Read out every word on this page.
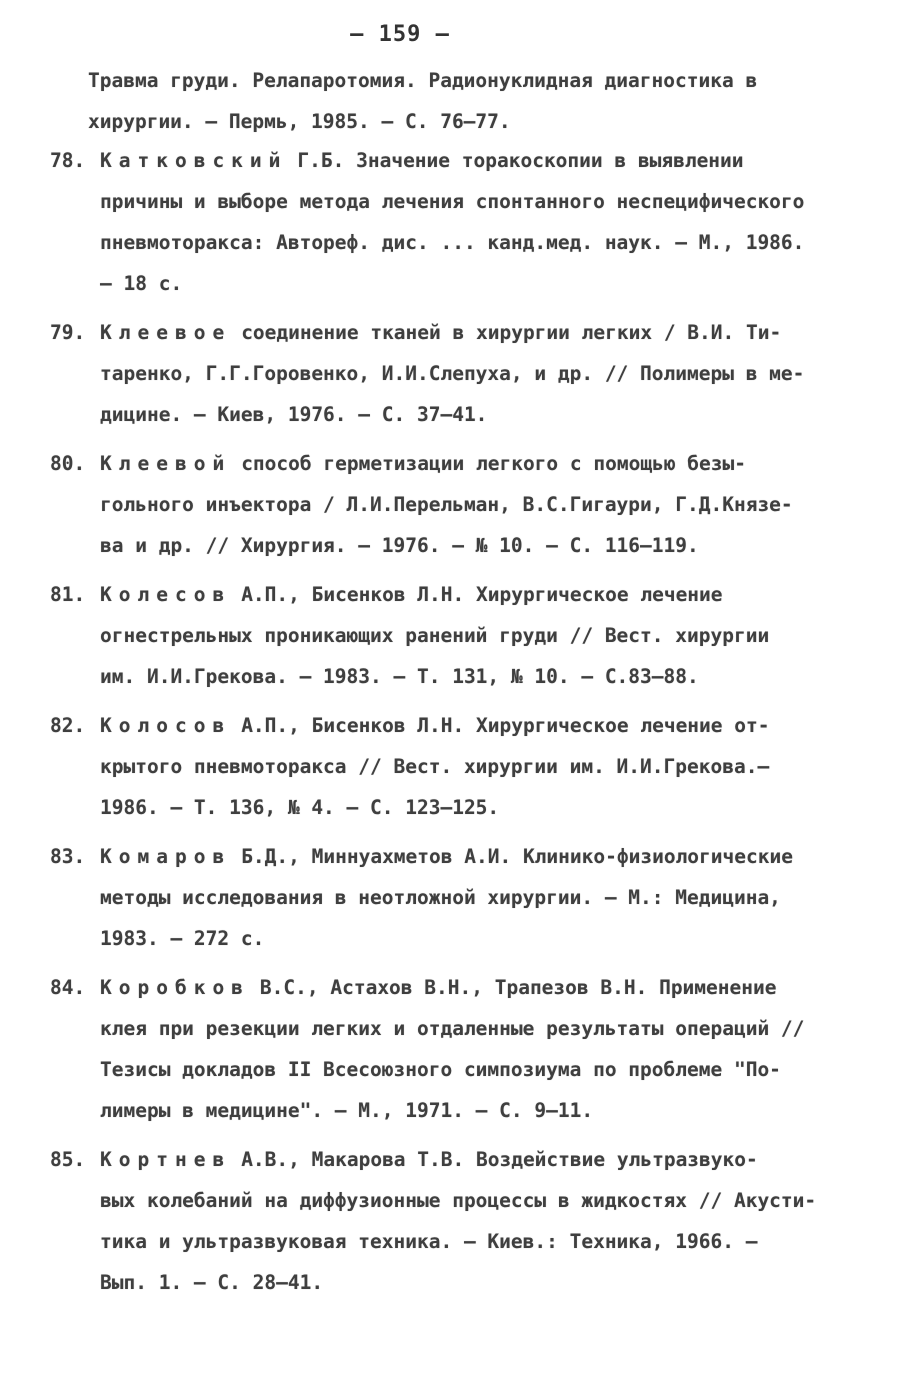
– 159 –
Травма груди. Релапаротомия. Радионуклидная диагностика в
хирургии. – Пермь, 1985. – С. 76–77.
78. Катковский Г.Б. Значение торакоскопии в выявлении
причины и выборе метода лечения спонтанного неспецифического
пневмоторакса: Автореф. дис. ... канд.мед. наук. – М., 1986.
– 18 с.
79. Клеевое соединение тканей в хирургии легких / В.И. Ти-
таренко, Г.Г.Горовенко, И.И.Слепуха, и др. // Полимеры в ме-
дицине. – Киев, 1976. – С. 37–41.
80. Клеевой способ герметизации легкого с помощью безы-
гольного инъектора / Л.И.Перельман, В.С.Гигаури, Г.Д.Князе-
ва и др. // Хирургия. – 1976. – № 10. – С. 116–119.
81. Колесов А.П., Бисенков Л.Н. Хирургическое лечение
огнестрельных проникающих ранений груди // Вест. хирургии
им. И.И.Грекова. – 1983. – Т. 131, № 10. – С.83–88.
82. Колосов А.П., Бисенков Л.Н. Хирургическое лечение от-
крытого пневмоторакса // Вест. хирургии им. И.И.Грекова.–
1986. – Т. 136, № 4. – С. 123–125.
83. Комаров Б.Д., Миннуахметов А.И. Клинико-физиологические
методы исследования в неотложной хирургии. – М.: Медицина,
1983. – 272 с.
84. Коробков В.С., Астахов В.Н., Трапезов В.Н. Применение
клея при резекции легких и отдаленные результаты операций //
Тезисы докладов II Всесоюзного симпозиума по проблеме "По-
лимеры в медицине". – М., 1971. – С. 9–11.
85. Кортнев А.В., Макарова Т.В. Воздействие ультразвуко-
вых колебаний на диффузионные процессы в жидкостях // Акусти-
тика и ультразвуковая техника. – Киев.: Техника, 1966. –
Вып. 1. – С. 28–41.
